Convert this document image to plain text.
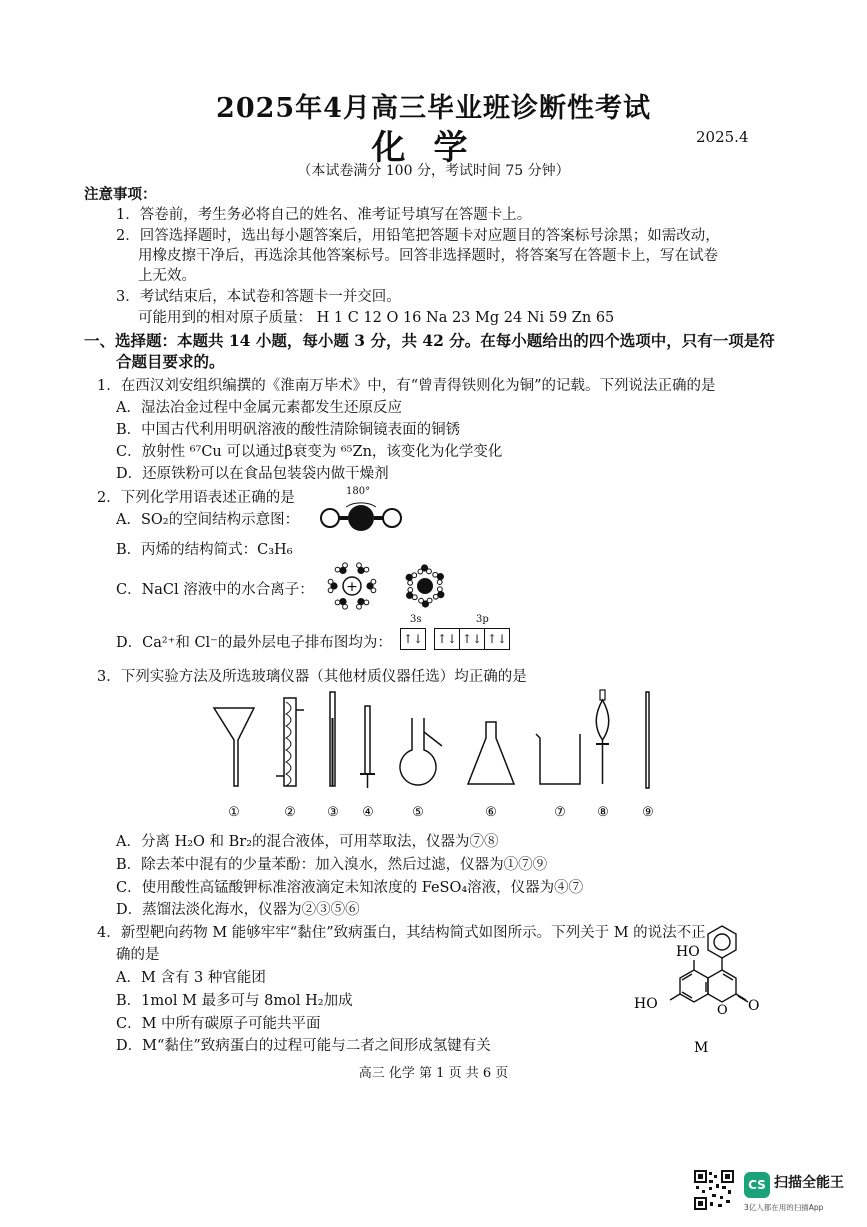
2025年4月高三毕业班诊断性考试
化学	2025.4
（本试卷满分 100 分，考试时间 75 分钟）
注意事项：
1．答卷前，考生务必将自己的姓名、准考证号填写在答题卡上。
2．回答选择题时，选出每小题答案后，用铅笔把答题卡对应题目的答案标号涂黑；如需改动，
用橡皮擦干净后，再选涂其他答案标号。回答非选择题时，将答案写在答题卡上，写在试卷
上无效。
3．考试结束后，本试卷和答题卡一并交回。
可能用到的相对原子质量： H 1 C 12 O 16 Na 23 Mg 24 Ni 59 Zn 65
一、选择题：本题共 14 小题，每小题 3 分，共 42 分。在每小题给出的四个选项中，只有一项是符
合题目要求的。
1．在西汉刘安组织编撰的《淮南万毕术》中，有“曾青得铁则化为铜”的记载。下列说法正确的是
A．湿法冶金过程中金属元素都发生还原反应
B．中国古代利用明矾溶液的酸性清除铜镜表面的铜锈
C．放射性 ⁶⁷Cu 可以通过β衰变为 ⁶⁵Zn，该变化为化学变化
D．还原铁粉可以在食品包装袋内做干燥剂
2．下列化学用语表述正确的是	180°
A．SO₂的空间结构示意图：
B．丙烯的结构简式：C₃H₆
C．NaCl 溶液中的水合离子： +
D．Ca²⁺和 Cl⁻的最外层电子排布图均为：
3s	3p
↑↓ ↑↓ ↑↓ ↑↓
3．下列实验方法及所选玻璃仪器（其他材质仪器任选）均正确的是
①	② ③ ④	⑤	⑥	⑦ ⑧	⑨
A．分离 H₂O 和 Br₂的混合液体，可用萃取法，仪器为⑦⑧
B．除去苯中混有的少量苯酚：加入溴水，然后过滤，仪器为①⑦⑨
C．使用酸性高锰酸钾标准溶液滴定未知浓度的 FeSO₄溶液，仪器为④⑦
D．蒸馏法淡化海水，仪器为②③⑤⑥
4．新型靶向药物 M 能够牢牢“黏住”致病蛋白，其结构简式如图所示。下列关于 M 的说法不正
确的是
A．M 含有 3 种官能团
B．1mol M 最多可与 8mol H₂加成
C．M 中所有碳原子可能共平面
D．M“黏住”致病蛋白的过程可能与二者之间形成氢键有关
HO
HO	O O
M
高三 化学 第 1 页 共 6 页
CS 扫描全能王
3亿人都在用的扫描App
